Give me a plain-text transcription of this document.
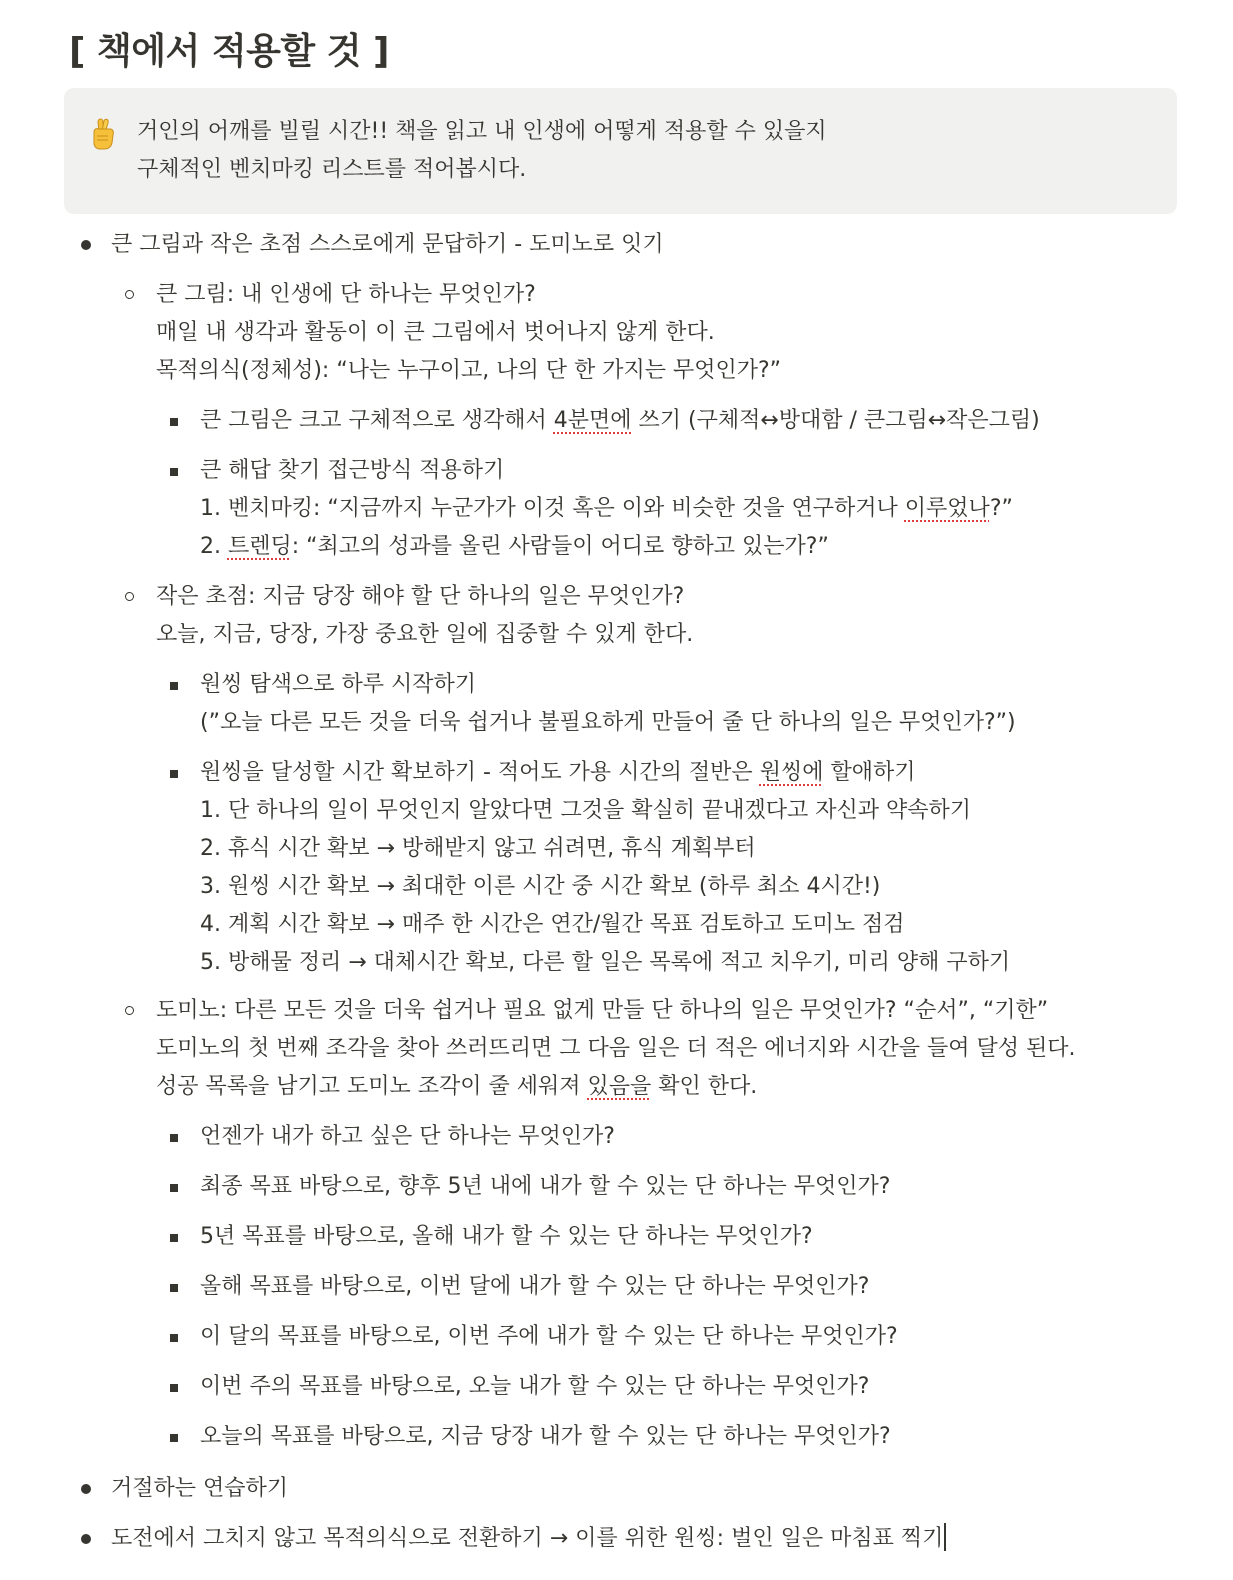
[ 책에서 적용할 것 ]
거인의 어깨를 빌릴 시간!! 책을 읽고 내 인생에 어떻게 적용할 수 있을지
구체적인 벤치마킹 리스트를 적어봅시다.
큰 그림과 작은 초점 스스로에게 문답하기 - 도미노로 잇기
큰 그림: 내 인생에 단 하나는 무엇인가?
매일 내 생각과 활동이 이 큰 그림에서 벗어나지 않게 한다.
목적의식(정체성): “나는 누구이고, 나의 단 한 가지는 무엇인가?”
큰 그림은 크고 구체적으로 생각해서 4분면에 쓰기 (구체적↔방대함 / 큰그림↔작은그림)
큰 해답 찾기 접근방식 적용하기
1. 벤치마킹: “지금까지 누군가가 이것 혹은 이와 비슷한 것을 연구하거나 이루었나?”
2. 트렌딩: “최고의 성과를 올린 사람들이 어디로 향하고 있는가?”
작은 초점: 지금 당장 해야 할 단 하나의 일은 무엇인가?
오늘, 지금, 당장, 가장 중요한 일에 집중할 수 있게 한다.
원씽 탐색으로 하루 시작하기
(”오늘 다른 모든 것을 더욱 쉽거나 불필요하게 만들어 줄 단 하나의 일은 무엇인가?”)
원씽을 달성할 시간 확보하기 - 적어도 가용 시간의 절반은 원씽에 할애하기
1. 단 하나의 일이 무엇인지 알았다면 그것을 확실히 끝내겠다고 자신과 약속하기
2. 휴식 시간 확보 → 방해받지 않고 쉬려면, 휴식 계획부터
3. 원씽 시간 확보 → 최대한 이른 시간 중 시간 확보 (하루 최소 4시간!)
4. 계획 시간 확보 → 매주 한 시간은 연간/월간 목표 검토하고 도미노 점검
5. 방해물 정리 → 대체시간 확보, 다른 할 일은 목록에 적고 치우기, 미리 양해 구하기
도미노: 다른 모든 것을 더욱 쉽거나 필요 없게 만들 단 하나의 일은 무엇인가? “순서”, “기한”
도미노의 첫 번째 조각을 찾아 쓰러뜨리면 그 다음 일은 더 적은 에너지와 시간을 들여 달성 된다.
성공 목록을 남기고 도미노 조각이 줄 세워져 있음을 확인 한다.
언젠가 내가 하고 싶은 단 하나는 무엇인가?
최종 목표 바탕으로, 향후 5년 내에 내가 할 수 있는 단 하나는 무엇인가?
5년 목표를 바탕으로, 올해 내가 할 수 있는 단 하나는 무엇인가?
올해 목표를 바탕으로, 이번 달에 내가 할 수 있는 단 하나는 무엇인가?
이 달의 목표를 바탕으로, 이번 주에 내가 할 수 있는 단 하나는 무엇인가?
이번 주의 목표를 바탕으로, 오늘 내가 할 수 있는 단 하나는 무엇인가?
오늘의 목표를 바탕으로, 지금 당장 내가 할 수 있는 단 하나는 무엇인가?
거절하는 연습하기
도전에서 그치지 않고 목적의식으로 전환하기 → 이를 위한 원씽: 벌인 일은 마침표 찍기
